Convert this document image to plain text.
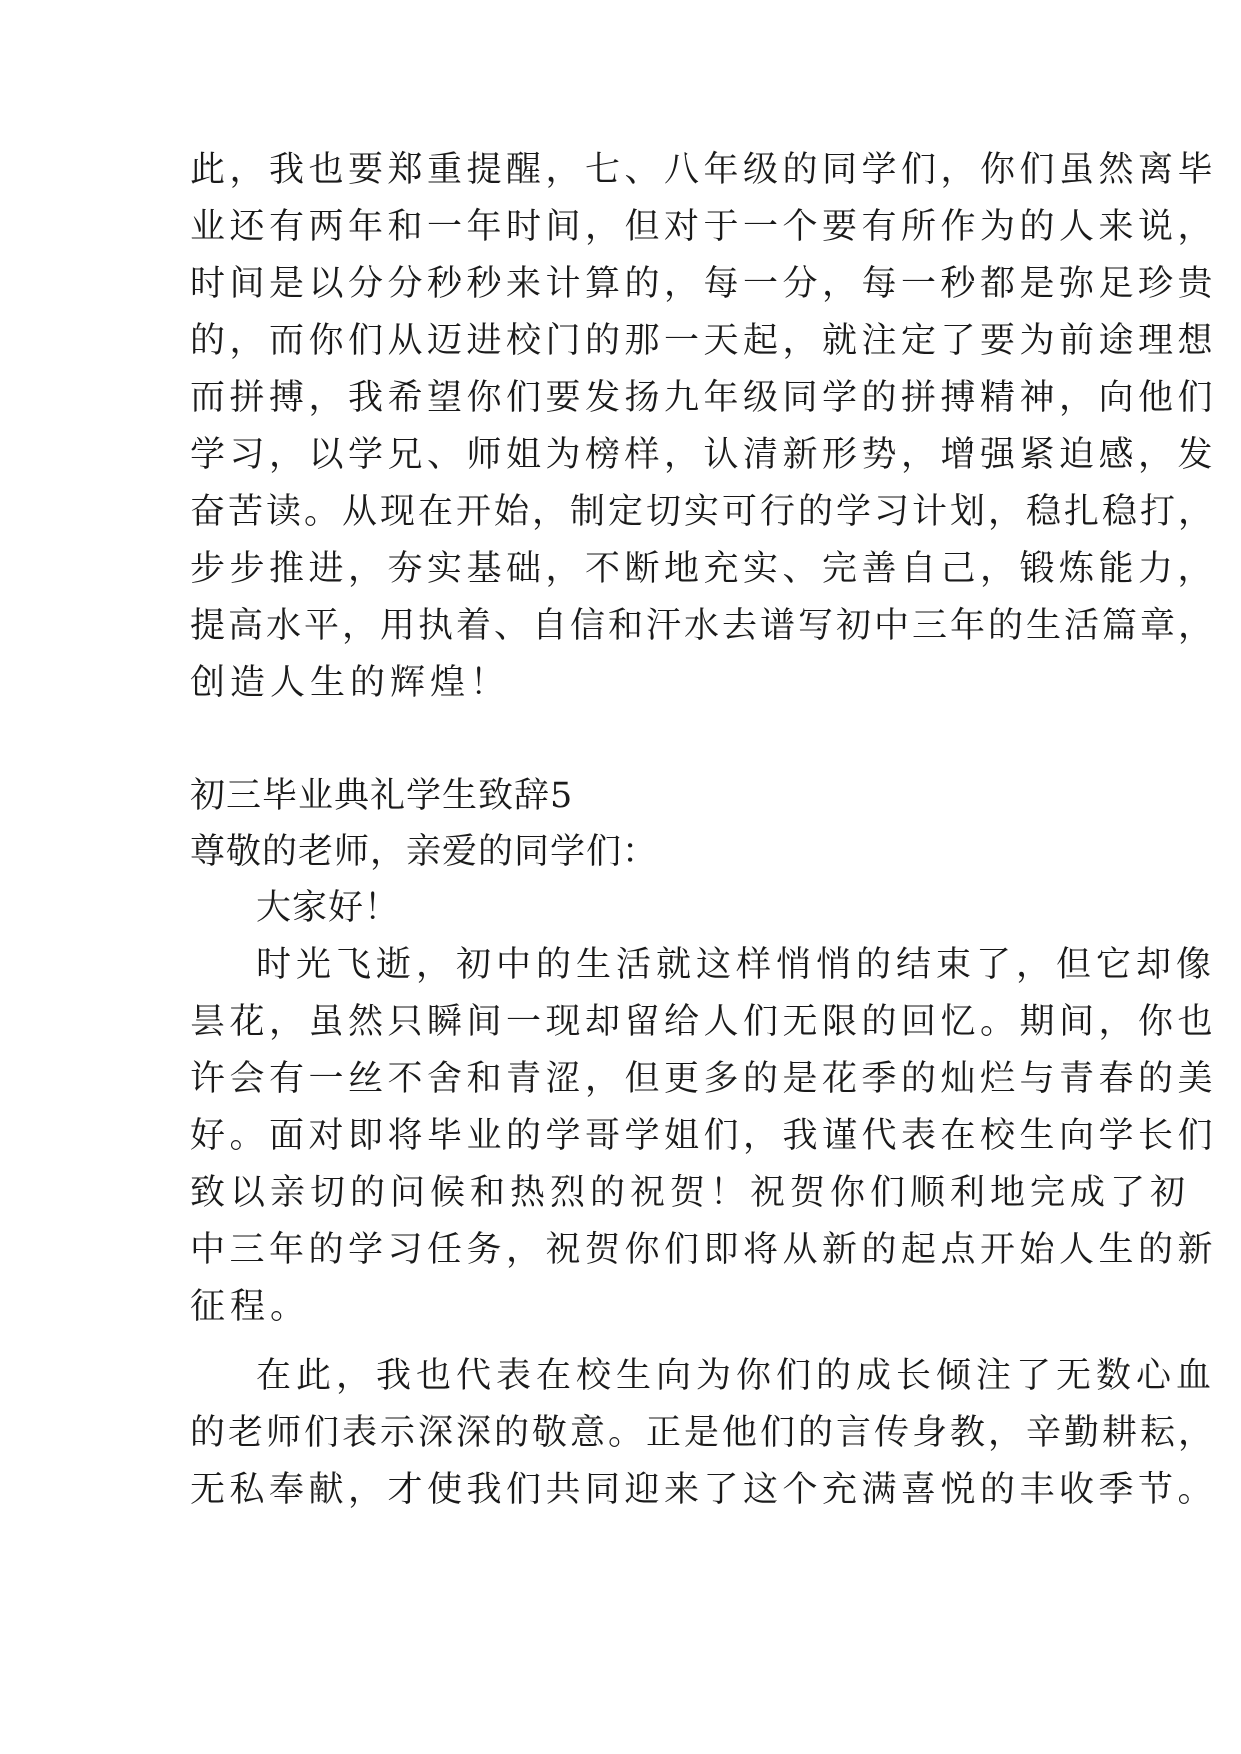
此，我也要郑重提醒，七、八年级的同学们，你们虽然离毕
业还有两年和一年时间，但对于一个要有所作为的人来说，
时间是以分分秒秒来计算的，每一分，每一秒都是弥足珍贵
的，而你们从迈进校门的那一天起，就注定了要为前途理想
而拼搏，我希望你们要发扬九年级同学的拼搏精神，向他们
学习，以学兄、师姐为榜样，认清新形势，增强紧迫感，发
奋苦读。从现在开始，制定切实可行的学习计划，稳扎稳打，
步步推进，夯实基础，不断地充实、完善自己，锻炼能力，
提高水平，用执着、自信和汗水去谱写初中三年的生活篇章，
创造人生的辉煌！
初三毕业典礼学生致辞5
尊敬的老师，亲爱的同学们：
大家好！
时光飞逝，初中的生活就这样悄悄的结束了，但它却像
昙花，虽然只瞬间一现却留给人们无限的回忆。期间，你也
许会有一丝不舍和青涩，但更多的是花季的灿烂与青春的美
好。面对即将毕业的学哥学姐们，我谨代表在校生向学长们
致以亲切的问候和热烈的祝贺！祝贺你们顺利地完成了初
中三年的学习任务，祝贺你们即将从新的起点开始人生的新
征程。
在此，我也代表在校生向为你们的成长倾注了无数心血
的老师们表示深深的敬意。正是他们的言传身教，辛勤耕耘，
无私奉献，才使我们共同迎来了这个充满喜悦的丰收季节。
